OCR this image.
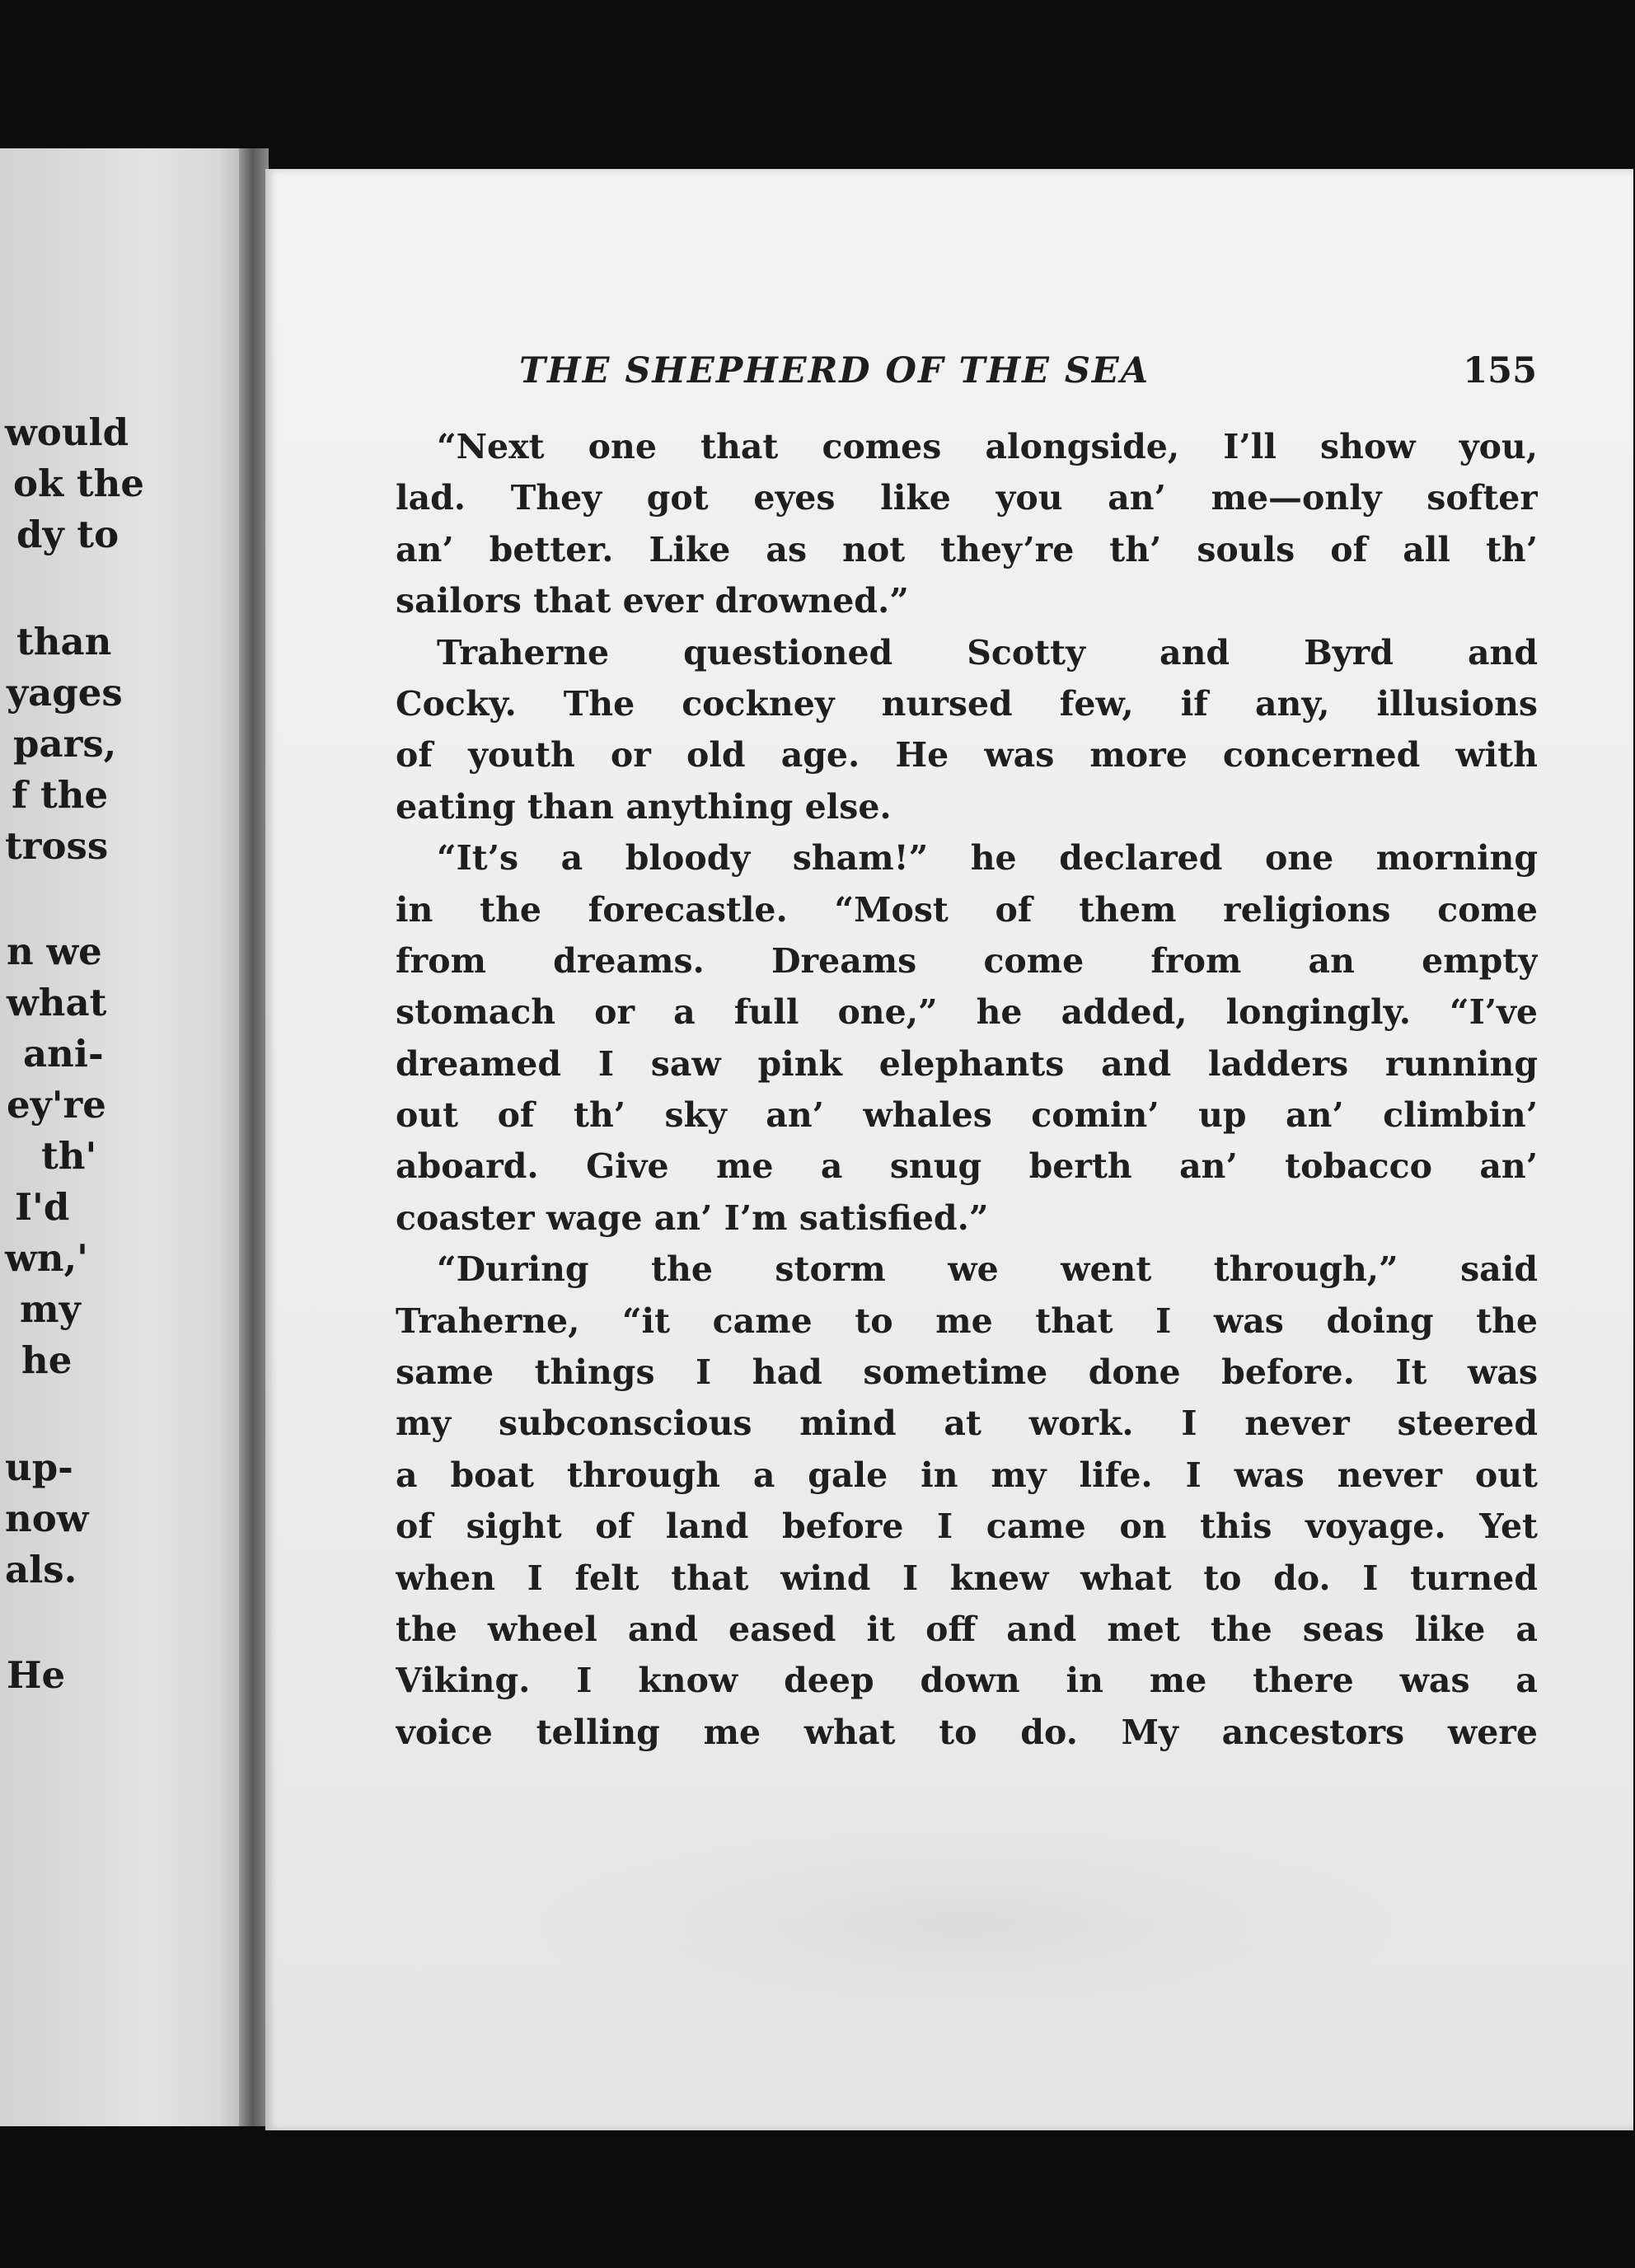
would
ok the
dy to
than
yages
pars,
f the
tross
n we
what
ani-
ey're
th'
I'd
wn,'
my
he
up-
now
als.
He
THE SHEPHERD OF THE SEA	155
“Next one that comes alongside, I’ll show you,
lad. They got eyes like you an’ me—only softer
an’ better. Like as not they’re th’ souls of all th’
sailors that ever drowned.”
Traherne questioned Scotty and Byrd and
Cocky. The cockney nursed few, if any, illusions
of youth or old age. He was more concerned with
eating than anything else.
“It’s a bloody sham!” he declared one morning
in the forecastle. “Most of them religions come
from dreams. Dreams come from an empty
stomach or a full one,” he added, longingly. “I’ve
dreamed I saw pink elephants and ladders running
out of th’ sky an’ whales comin’ up an’ climbin’
aboard. Give me a snug berth an’ tobacco an’
coaster wage an’ I’m satisfied.”
“During the storm we went through,” said
Traherne, “it came to me that I was doing the
same things I had sometime done before. It was
my subconscious mind at work. I never steered
a boat through a gale in my life. I was never out
of sight of land before I came on this voyage. Yet
when I felt that wind I knew what to do. I turned
the wheel and eased it off and met the seas like a
Viking. I know deep down in me there was a
voice telling me what to do. My ancestors were
